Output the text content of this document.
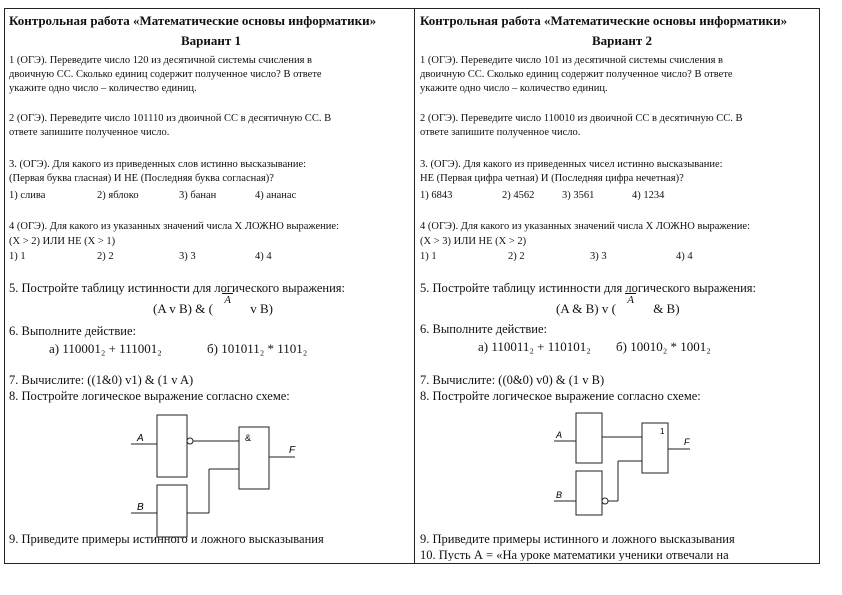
Контрольная работа «Математические основы информатики»
Вариант 1
1 (ОГЭ). Переведите число 120 из десятичной системы счисления в
двоичную СС. Сколько единиц содержит полученное число? В ответе
укажите одно число – количество единиц.
2 (ОГЭ). Переведите число 101110 из двоичной СС в десятичную СС. В
ответе запишите полученное число.
3. (ОГЭ). Для какого из приведенных слов истинно высказывание:
(Первая буква гласная) И НЕ (Последняя буква согласная)?
1) слива	2) яблоко	3) банан	4) ананас
4 (ОГЭ). Для какого из указанных значений числа X ЛОЖНО выражение:
(X > 2) ИЛИ НЕ (X > 1)
1) 1	2) 2	3) 3	4) 4
5. Постройте таблицу истинности для логического выражения:
(A v B) & ( $^A$ v B)
6. Выполните действие:
а) 110001₂ + 111001₂	б) 101011₂ * 1101₂
7. Вычислите: ((1&0) v1) & (1 v A)
8. Постройте логическое выражение согласно схеме:
A
B
F
&
9. Приведите примеры истинного и ложного высказывания
Контрольная работа «Математические основы информатики»
Вариант 2
1 (ОГЭ). Переведите число 101 из десятичной системы счисления в
двоичную СС. Сколько единиц содержит полученное число? В ответе
укажите одно число – количество единиц.
2 (ОГЭ). Переведите число 110010 из двоичной СС в десятичную СС. В
ответе запишите полученное число.
3. (ОГЭ). Для какого из приведенных чисел истинно высказывание:
НЕ (Первая цифра четная) И (Последняя цифра нечетная)?
1) 6843	2) 4562	3) 3561	4) 1234
4 (ОГЭ). Для какого из указанных значений числа X ЛОЖНО выражение:
(X > 3) ИЛИ НЕ (X > 2)
1) 1	2) 2	3) 3	4) 4
5. Постройте таблицу истинности для логического выражения:
(A & B) v ( $^A$ & B)
6. Выполните действие:
а) 110011₂ + 110101₂ б) 10010₂ * 1001₂
7. Вычислите: ((0&0) v0) & (1 v B)
8. Постройте логическое выражение согласно схеме:
A
B
F
1
9. Приведите примеры истинного и ложного высказывания
10. Пусть А = «На уроке математики ученики отвечали на
